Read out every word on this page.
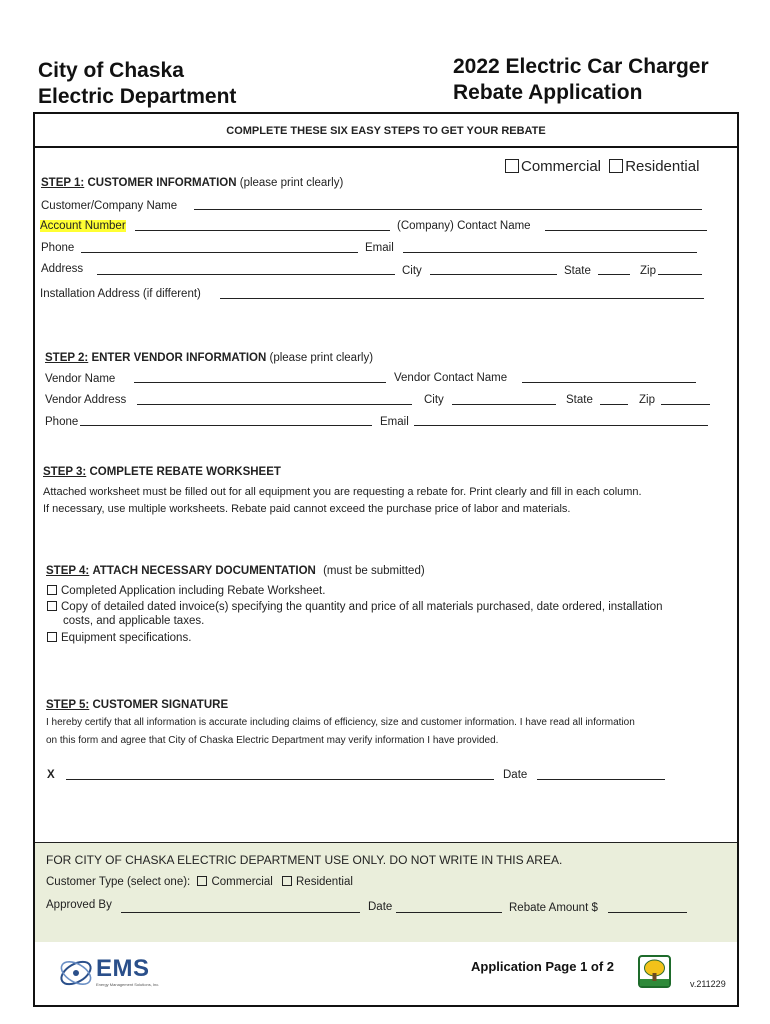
City of Chaska
Electric Department
2022 Electric Car Charger
Rebate Application
COMPLETE THESE SIX EASY STEPS TO GET YOUR REBATE
Commercial Residential
STEP 1: CUSTOMER INFORMATION (please print clearly)
Customer/Company Name
Account Number	(Company) Contact Name
Phone	Email
Address	City	State	Zip
Installation Address (if different)
STEP 2: ENTER VENDOR INFORMATION (please print clearly)
Vendor Name	Vendor Contact Name
Vendor Address	City	State	Zip
Phone	Email
STEP 3: COMPLETE REBATE WORKSHEET
Attached worksheet must be filled out for all equipment you are requesting a rebate for. Print clearly and fill in each column.
If necessary, use multiple worksheets. Rebate paid cannot exceed the purchase price of labor and materials.
STEP 4: ATTACH NECESSARY DOCUMENTATION (must be submitted)
Completed Application including Rebate Worksheet.
Copy of detailed dated invoice(s) specifying the quantity and price of all materials purchased, date ordered, installation
costs, and applicable taxes.
Equipment specifications.
STEP 5: CUSTOMER SIGNATURE
I hereby certify that all information is accurate including claims of efficiency, size and customer information. I have read all information
on this form and agree that City of Chaska Electric Department may verify information I have provided.
X	Date
FOR CITY OF CHASKA ELECTRIC DEPARTMENT USE ONLY. DO NOT WRITE IN THIS AREA.
Customer Type (select one): Commercial Residential
Approved By	Date	Rebate Amount $
EMS
Energy Management Solutions, Inc.
Application Page 1 of 2
v.211229
